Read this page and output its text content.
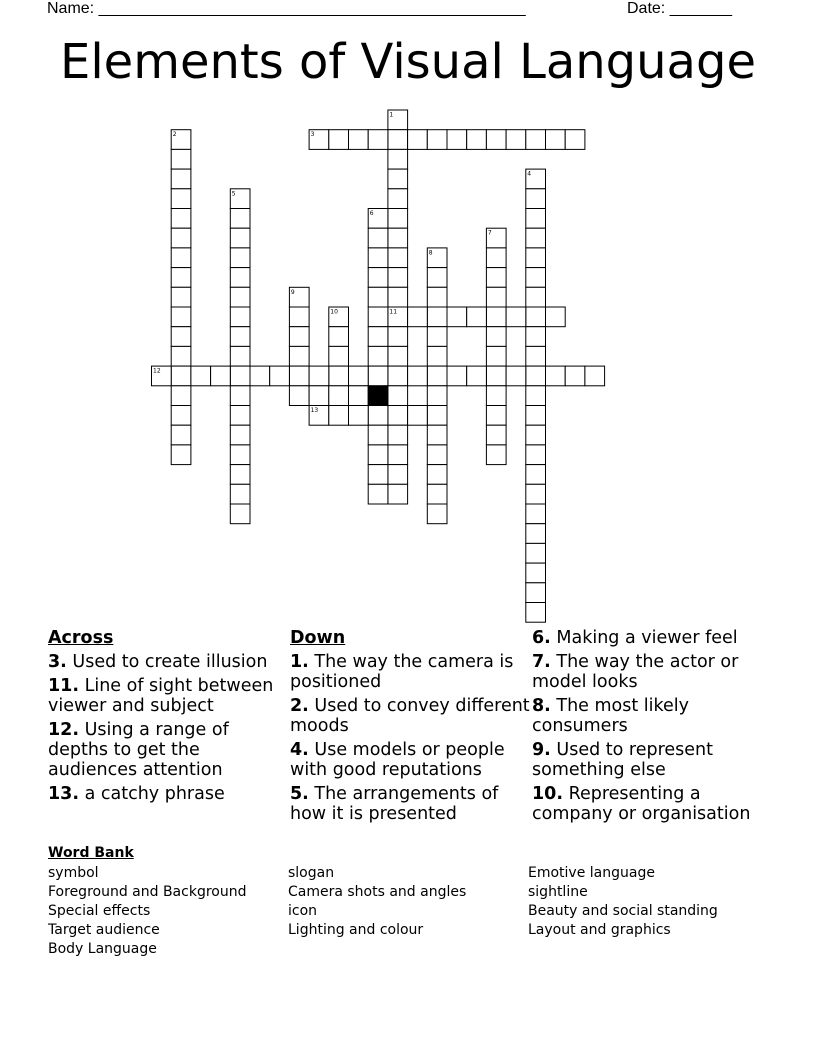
Name: ________________________________________________	Date: _______
Elements of Visual Language
1
2	3
4
5
6
7
8
9
10	11
12
13
Across
3. Used to create illusion
11. Line of sight between viewer and subject
12. Using a range of depths to get the audiences attention
13. a catchy phrase
Down
1. The way the camera is positioned
2. Used to convey different moods
4. Use models or people with good reputations
5. The arrangements of how it is presented
6. Making a viewer feel
7. The way the actor or model looks
8. The most likely consumers
9. Used to represent something else
10. Representing a company or organisation
Word Bank
symbol
Foreground and Background
Special effects
Target audience
Body Language
slogan
Camera shots and angles
icon
Lighting and colour
Emotive language
sightline
Beauty and social standing
Layout and graphics
